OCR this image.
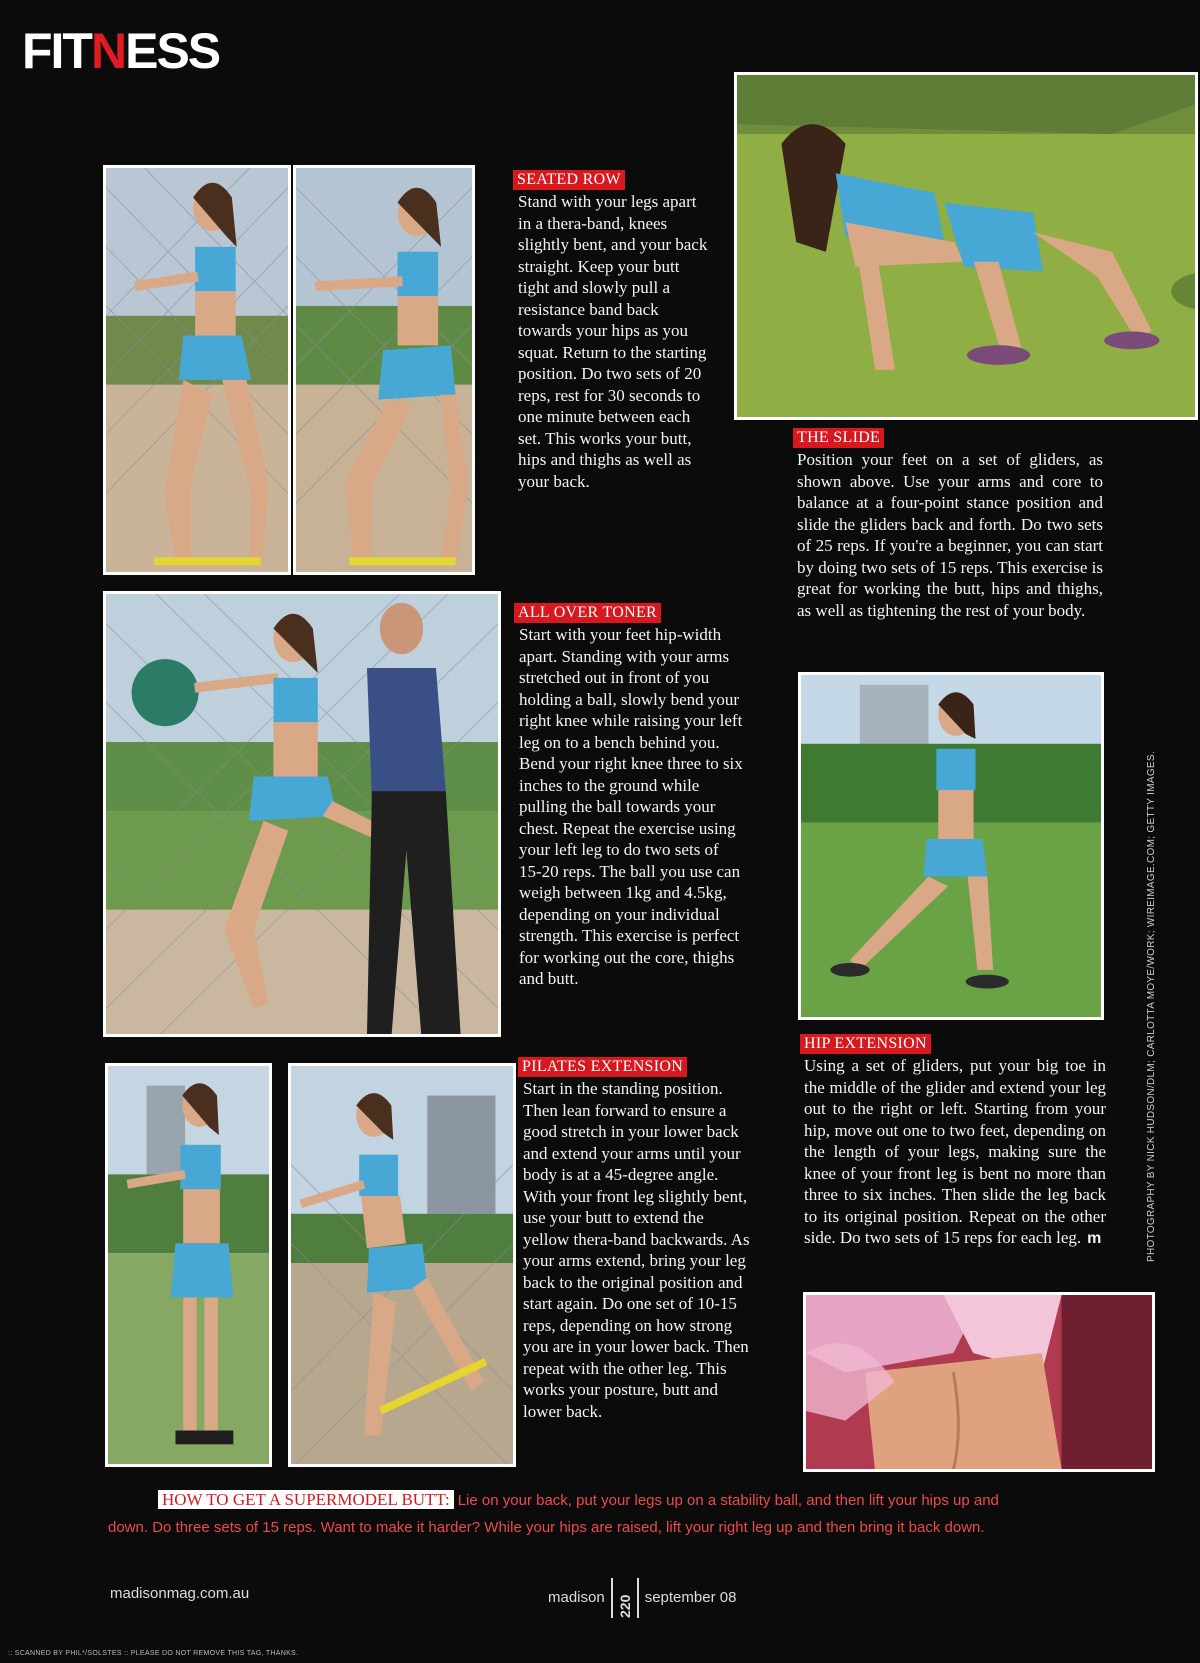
FITNESS
SEATED ROW
Stand with your legs apart in a thera-band, knees slightly bent, and your back straight. Keep your butt tight and slowly pull a resistance band back towards your hips as you squat. Return to the starting position. Do two sets of 20 reps, rest for 30 seconds to one minute between each set. This works your butt, hips and thighs as well as your back.
ALL OVER TONER
Start with your feet hip-width apart. Standing with your arms stretched out in front of you holding a ball, slowly bend your right knee while raising your left leg on to a bench behind you. Bend your right knee three to six inches to the ground while pulling the ball towards your chest. Repeat the exercise using your left leg to do two sets of 15-20 reps. The ball you use can weigh between 1kg and 4.5kg, depending on your individual strength. This exercise is perfect for working out the core, thighs and butt.
PILATES EXTENSION
Start in the standing position. Then lean forward to ensure a good stretch in your lower back and extend your arms until your body is at a 45-degree angle. With your front leg slightly bent, use your butt to extend the yellow thera-band backwards. As your arms extend, bring your leg back to the original position and start again. Do one set of 10-15 reps, depending on how strong you are in your lower back. Then repeat with the other leg. This works your posture, butt and lower back.
THE SLIDE
Position your feet on a set of gliders, as shown above. Use your arms and core to balance at a four-point stance position and slide the gliders back and forth. Do two sets of 25 reps. If you're a beginner, you can start by doing two sets of 15 reps. This exercise is great for working the butt, hips and thighs, as well as tightening the rest of your body.
HIP EXTENSION
Using a set of gliders, put your big toe in the middle of the glider and extend your leg out to the right or left. Starting from your hip, move out one to two feet, depending on the length of your legs, making sure the knee of your front leg is bent no more than three to six inches. Then slide the leg back to its original position. Repeat on the other side. Do two sets of 15 reps for each leg. m	PHOTOGRAPHY BY NICK HUDSON/DLM; CARLOTTA MOYE/WORK; WIREIMAGE.COM; GETTY IMAGES.
HOW TO GET A SUPERMODEL BUTT: Lie on your back, put your legs up on a stability ball, and then lift your hips up and
down. Do three sets of 15 reps. Want to make it harder? While your hips are raised, lift your right leg up and then bring it back down.
madisonmag.com.au	madison 220 september 08
:: SCANNED BY PHIL*/SOLSTES :: PLEASE DO NOT REMOVE THIS TAG, THANKS.
